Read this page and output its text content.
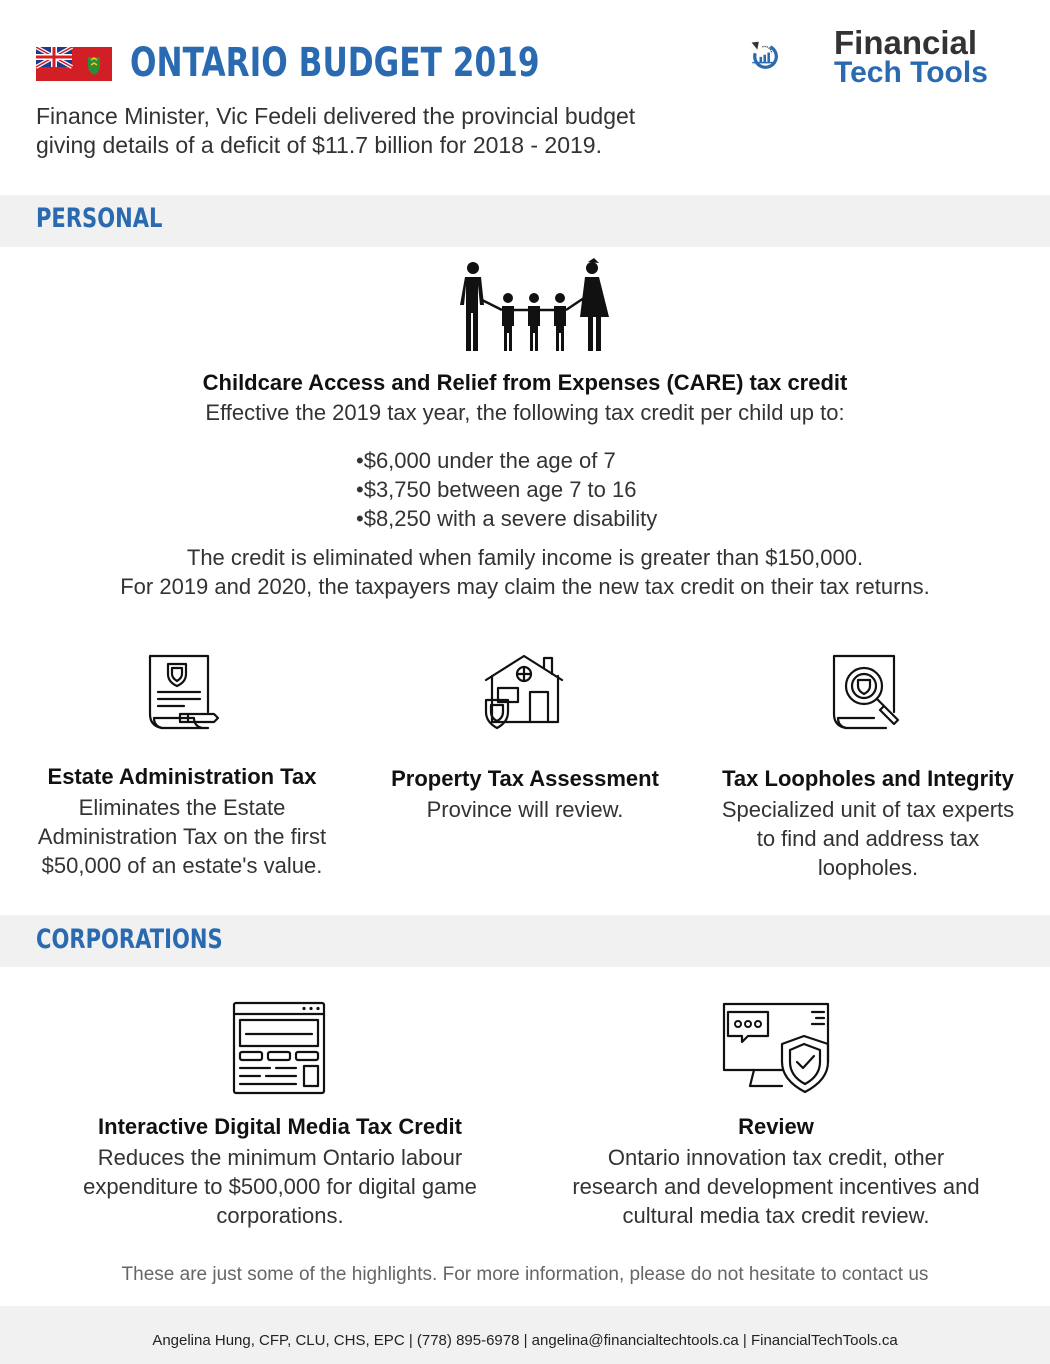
ONTARIO BUDGET 2019
Finance Minister, Vic Fedeli delivered the provincial budget giving details of a deficit of $11.7 billion for 2018 - 2019.
Financial
Tech Tools
PERSONAL
Childcare Access and Relief from Expenses (CARE) tax credit
Effective the 2019 tax year, the following tax credit per child up to:
•$6,000 under the age of 7
•$3,750 between age 7 to 16
•$8,250 with a severe disability
The credit is eliminated when family income is greater than $150,000.
For 2019 and 2020, the taxpayers may claim the new tax credit on their tax returns.
Estate Administration Tax
Eliminates the Estate
Administration Tax on the first
$50,000 of an estate's value.
Property Tax Assessment
Province will review.
Tax Loopholes and Integrity
Specialized unit of tax experts
to find and address tax
loopholes.
CORPORATIONS
Interactive Digital Media Tax Credit
Reduces the minimum Ontario labour
expenditure to $500,000 for digital game
corporations.
Review
Ontario innovation tax credit, other
research and development incentives and
cultural media tax credit review.
These are just some of the highlights. For more information, please do not hesitate to contact us
Angelina Hung, CFP, CLU, CHS, EPC | (778) 895-6978 | angelina@financialtechtools.ca | FinancialTechTools.ca
